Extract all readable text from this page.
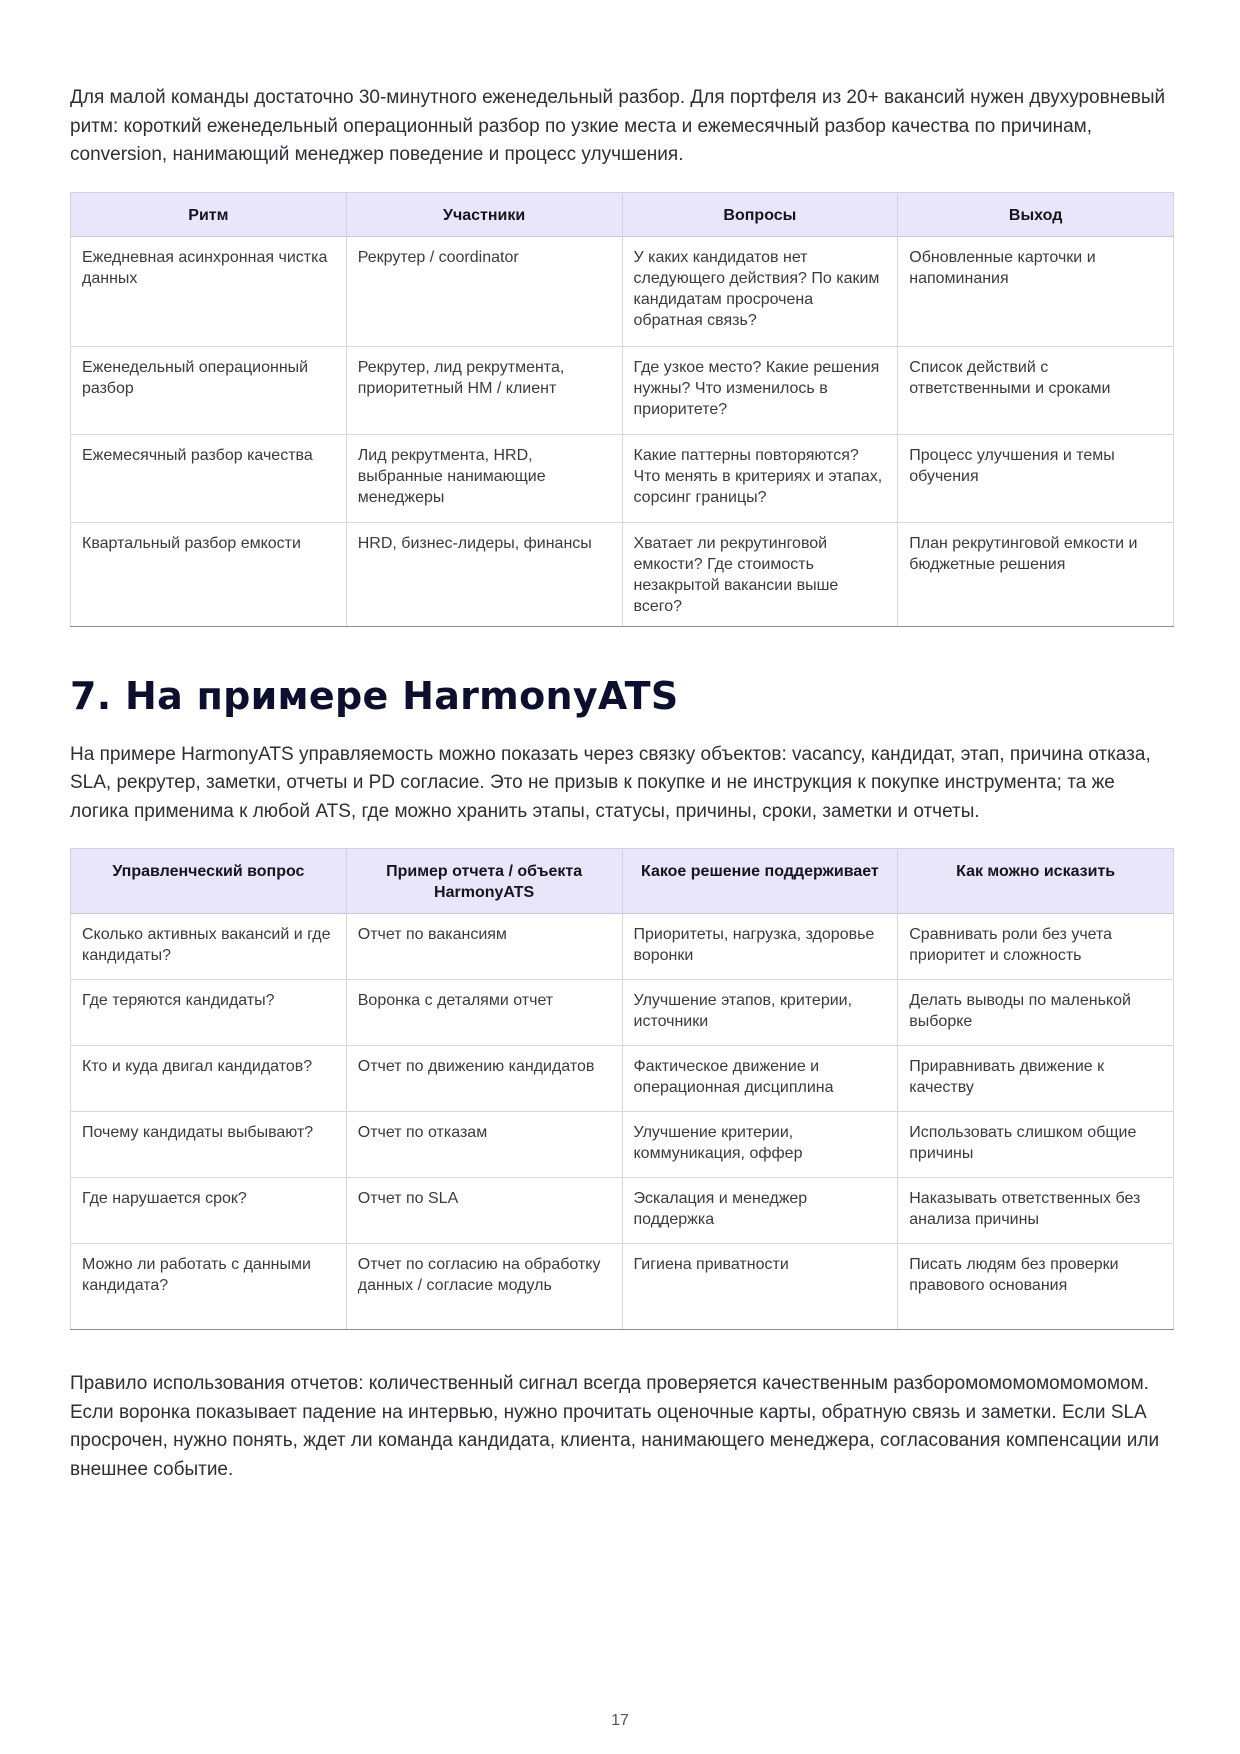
Для малой команды достаточно 30-минутного еженедельный разбор. Для портфеля из 20+ вакансий нужен двухуровневый ритм: короткий еженедельный операционный разбор по узкие места и ежемесячный разбор качества по причинам, conversion, нанимающий менеджер поведение и процесс улучшения.

Ритм	Участники	Вопросы	Выход
Ежедневная асинхронная чистка данных	Рекрутер / coordinator	У каких кандидатов нет следующего действия? По каким кандидатам просрочена обратная связь?	Обновленные карточки и напоминания
Еженедельный операционный разбор	Рекрутер, лид рекрутмента, приоритетный HM / клиент	Где узкое место? Какие решения нужны? Что изменилось в приоритете?	Список действий с ответственными и сроками
Ежемесячный разбор качества	Лид рекрутмента, HRD, выбранные нанимающие менеджеры	Какие паттерны повторяются? Что менять в критериях и этапах, сорсинг границы?	Процесс улучшения и темы обучения
Квартальный разбор емкости	HRD, бизнес-лидеры, финансы	Хватает ли рекрутинговой емкости? Где стоимость незакрытой вакансии выше всего?	План рекрутинговой емкости и бюджетные решения
7. На примере HarmonyATS

На примере HarmonyATS управляемость можно показать через связку объектов: vacancy, кандидат, этап, причина отказа, SLA, рекрутер, заметки, отчеты и PD согласие. Это не призыв к покупке и не инструкция к покупке инструмента; та же логика применима к любой ATS, где можно хранить этапы, статусы, причины, сроки, заметки и отчеты.

Управленческий вопрос	Пример отчета / объекта HarmonyATS	Какое решение поддерживает	Как можно исказить
Сколько активных вакансий и где кандидаты?	Отчет по вакансиям	Приоритеты, нагрузка, здоровье воронки	Сравнивать роли без учета приоритет и сложность
Где теряются кандидаты?	Воронка с деталями отчет	Улучшение этапов, критерии, источники	Делать выводы по маленькой выборке
Кто и куда двигал кандидатов?	Отчет по движению кандидатов	Фактическое движение и операционная дисциплина	Приравнивать движение к качеству
Почему кандидаты выбывают?	Отчет по отказам	Улучшение критерии, коммуникация, оффер	Использовать слишком общие причины
Где нарушается срок?	Отчет по SLA	Эскалация и менеджер поддержка	Наказывать ответственных без анализа причины
Можно ли работать с данными кандидата?	Отчет по согласию на обработку данных / согласие модуль	Гигиена приватности	Писать людям без проверки правового основания

Правило использования отчетов: количественный сигнал всегда проверяется качественным разборомомомомомомомом. Если воронка показывает падение на интервью, нужно прочитать оценочные карты, обратную связь и заметки. Если SLA просрочен, нужно понять, ждет ли команда кандидата, клиента, нанимающего менеджера, согласования компенсации или внешнее событие.

17
